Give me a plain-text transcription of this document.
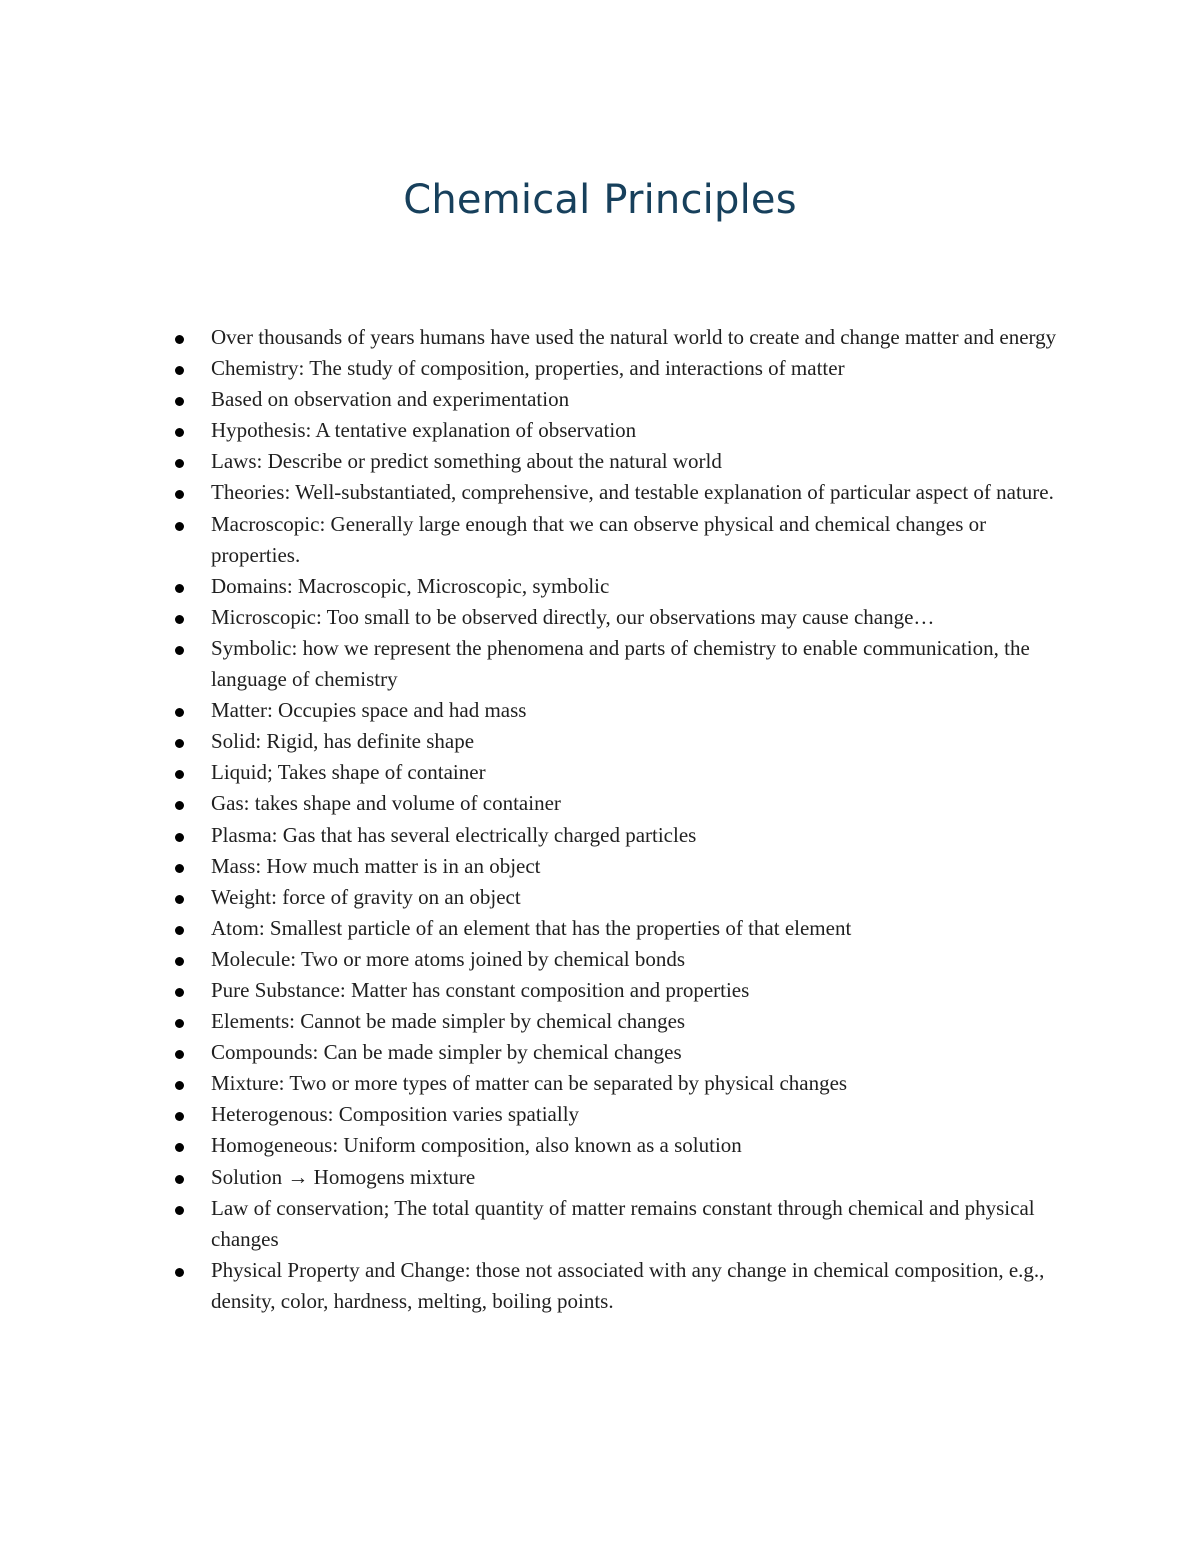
Chemical Principles
Over thousands of years humans have used the natural world to create and change matter and energy
Chemistry: The study of composition, properties, and interactions of matter
Based on observation and experimentation
Hypothesis: A tentative explanation of observation
Laws: Describe or predict something about the natural world
Theories: Well-substantiated, comprehensive, and testable explanation of particular aspect of nature.
Macroscopic: Generally large enough that we can observe physical and chemical changes or properties.
Domains: Macroscopic, Microscopic, symbolic
Microscopic: Too small to be observed directly, our observations may cause change…
Symbolic: how we represent the phenomena and parts of chemistry to enable communication, the language of chemistry
Matter: Occupies space and had mass
Solid: Rigid, has definite shape
Liquid; Takes shape of container
Gas: takes shape and volume of container
Plasma: Gas that has several electrically charged particles
Mass: How much matter is in an object
Weight: force of gravity on an object
Atom: Smallest particle of an element that has the properties of that element
Molecule: Two or more atoms joined by chemical bonds
Pure Substance: Matter has constant composition and properties
Elements: Cannot be made simpler by chemical changes
Compounds: Can be made simpler by chemical changes
Mixture: Two or more types of matter can be separated by physical changes
Heterogenous: Composition varies spatially
Homogeneous: Uniform composition, also known as a solution
Solution → Homogens mixture
Law of conservation; The total quantity of matter remains constant through chemical and physical changes
Physical Property and Change: those not associated with any change in chemical composition, e.g., density, color, hardness, melting, boiling points.
